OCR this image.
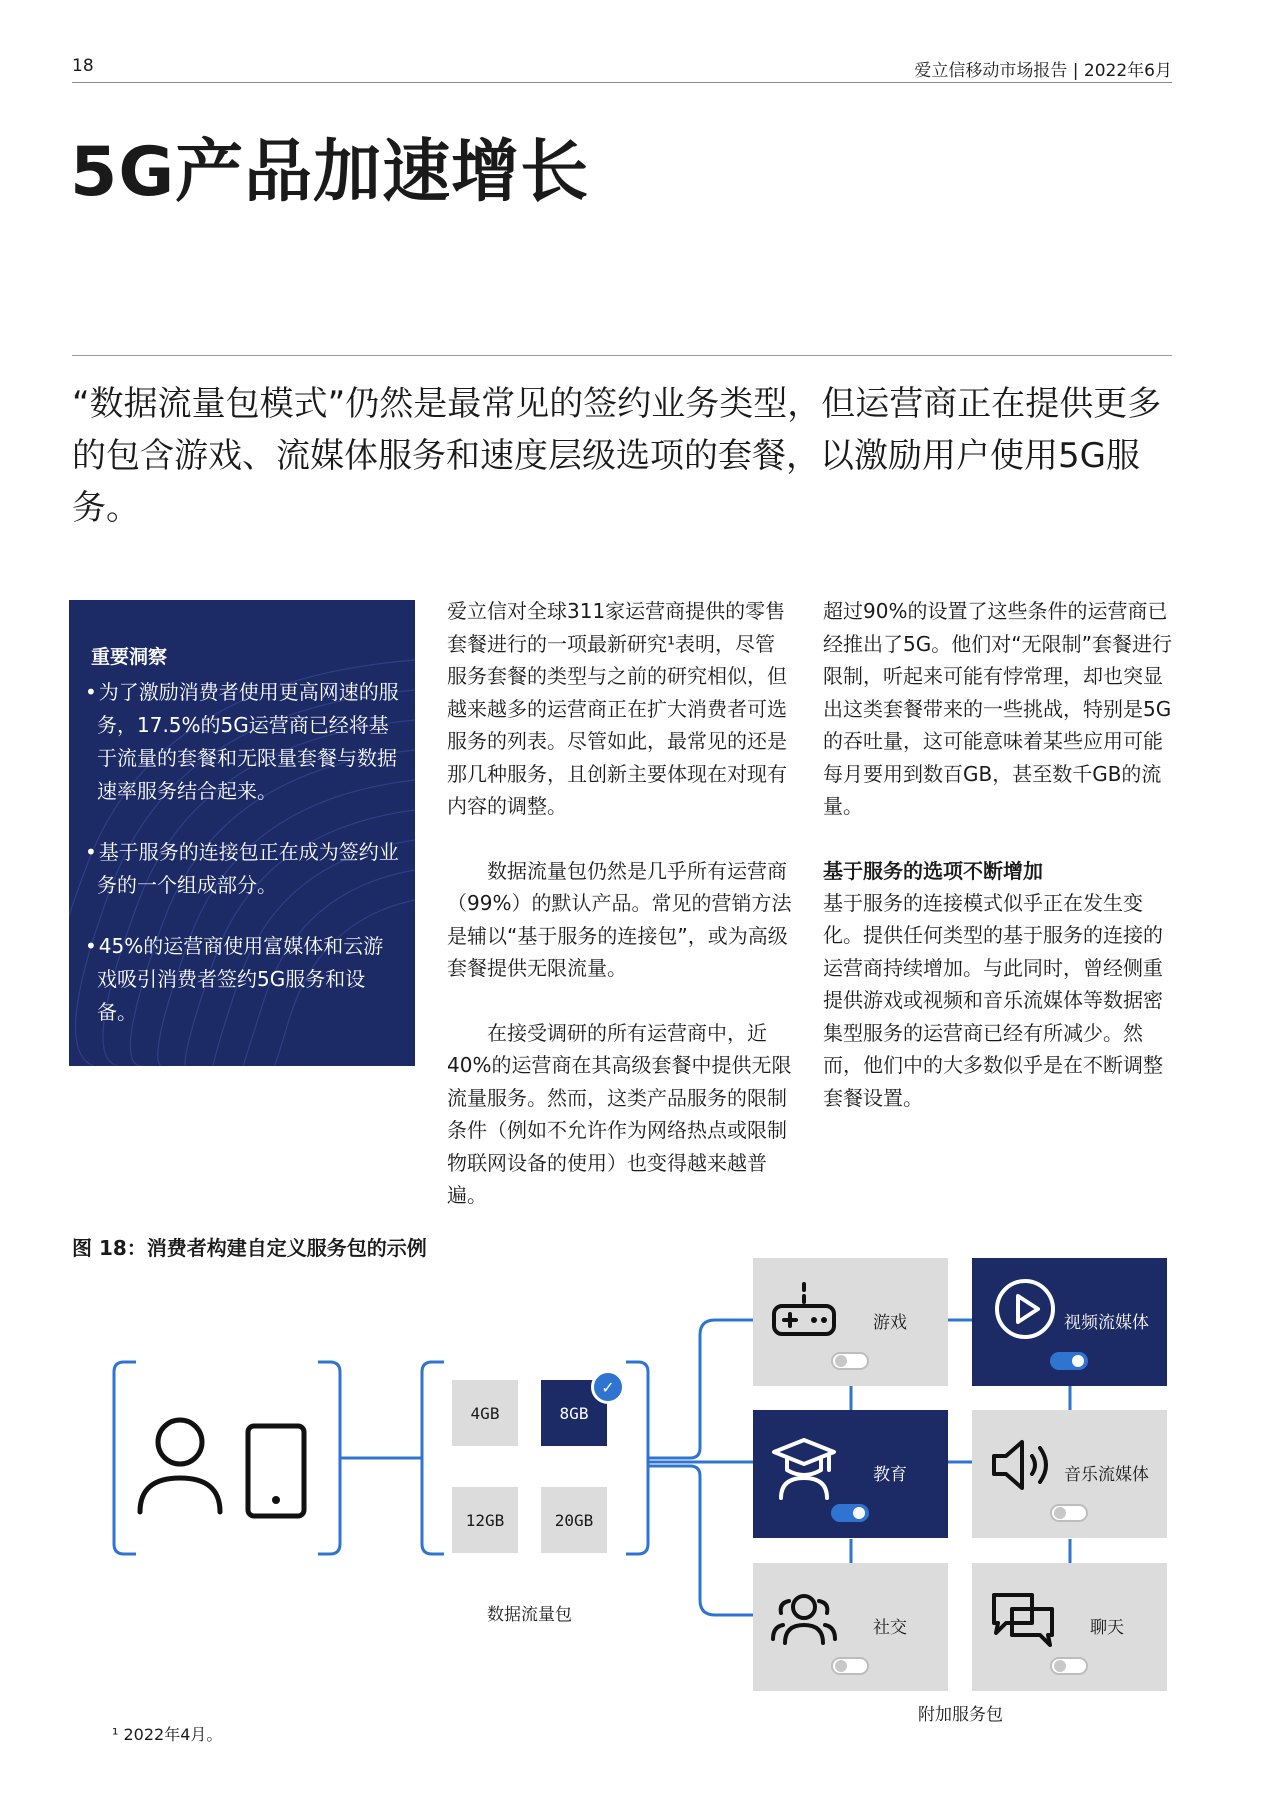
18	爱立信移动市场报告 | 2022年6月
5G产品加速增长
“数据流量包模式”仍然是最常见的签约业务类型，但运营商正在提供更多的包含游戏、流媒体服务和速度层级选项的套餐，以激励用户使用5G服务。
重要洞察
• 为了激励消费者使用更高网速的服务，17.5%的5G运营商已经将基于流量的套餐和无限量套餐与数据速率服务结合起来。
• 基于服务的连接包正在成为签约业务的一个组成部分。
• 45%的运营商使用富媒体和云游戏吸引消费者签约5G服务和设备。

爱立信对全球311家运营商提供的零售套餐进行的一项最新研究¹表明，尽管服务套餐的类型与之前的研究相似，但越来越多的运营商正在扩大消费者可选服务的列表。尽管如此，最常见的还是那几种服务，且创新主要体现在对现有内容的调整。

数据流量包仍然是几乎所有运营商（99%）的默认产品。常见的营销方法是辅以“基于服务的连接包”，或为高级套餐提供无限流量。

在接受调研的所有运营商中，近40%的运营商在其高级套餐中提供无限流量服务。然而，这类产品服务的限制条件（例如不允许作为网络热点或限制物联网设备的使用）也变得越来越普遍。

超过90%的设置了这些条件的运营商已经推出了5G。他们对“无限制”套餐进行限制，听起来可能有悖常理，却也突显出这类套餐带来的一些挑战，特别是5G的吞吐量，这可能意味着某些应用可能每月要用到数百GB，甚至数千GB的流量。

基于服务的选项不断增加

基于服务的连接模式似乎正在发生变化。提供任何类型的基于服务的连接的运营商持续增加。与此同时，曾经侧重提供游戏或视频和音乐流媒体等数据密集型服务的运营商已经有所减少。然而，他们中的大多数似乎是在不断调整套餐设置。

图 18：消费者构建自定义服务包的示例
4GB	8GB
✓
12GB	20GB
数据流量包
游戏	视频流媒体
教育	音乐流媒体
社交	聊天
附加服务包
¹ 2022年4月。
